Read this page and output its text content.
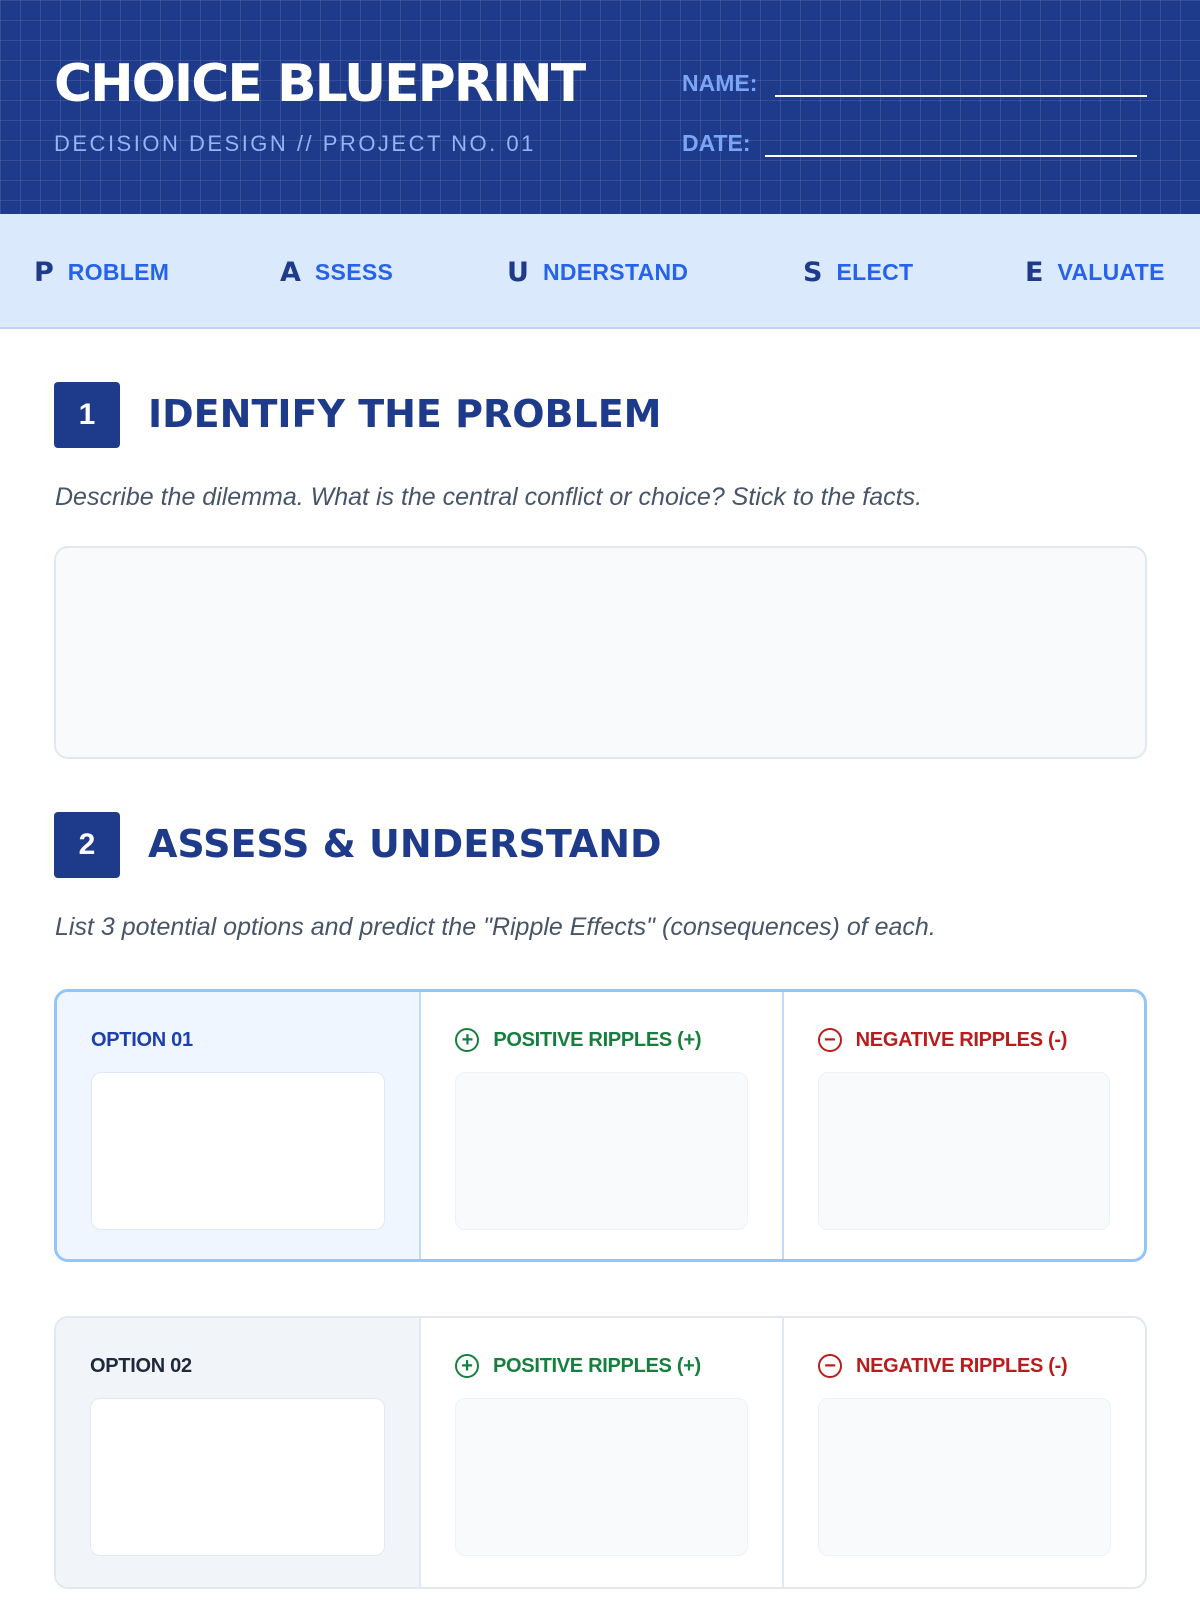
CHOICE BLUEPRINT
DECISION DESIGN // PROJECT NO. 01
NAME:
DATE:
P ROBLEM	A SSESS	U NDERSTAND	S ELECT	E VALUATE
1	IDENTIFY THE PROBLEM
Describe the dilemma. What is the central conflict or choice? Stick to the facts.
2	ASSESS & UNDERSTAND
List 3 potential options and predict the "Ripple Effects" (consequences) of each.
OPTION 01	+	POSITIVE RIPPLES (+)	−	NEGATIVE RIPPLES (-)
OPTION 02	+	POSITIVE RIPPLES (+)	−	NEGATIVE RIPPLES (-)
